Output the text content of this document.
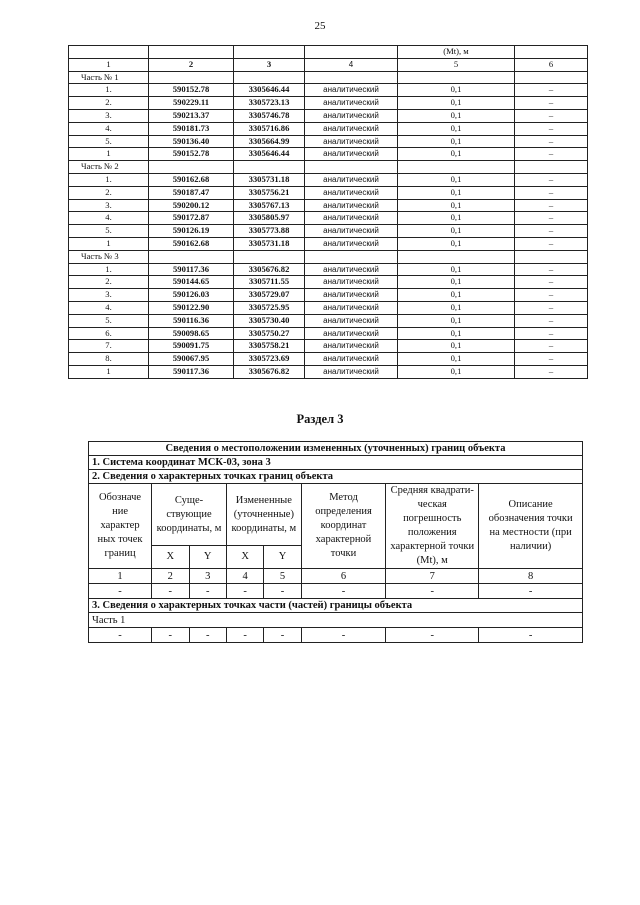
25
				(Mt), м	
1	2	3	4	5	6
Часть № 1					
1.	590152.78	3305646.44	аналитический	0,1	–
2.	590229.11	3305723.13	аналитический	0,1	–
3.	590213.37	3305746.78	аналитический	0,1	–
4.	590181.73	3305716.86	аналитический	0,1	–
5.	590136.40	3305664.99	аналитический	0,1	–
1	590152.78	3305646.44	аналитический	0,1	–
Часть № 2					
1.	590162.68	3305731.18	аналитический	0,1	–
2.	590187.47	3305756.21	аналитический	0,1	–
3.	590200.12	3305767.13	аналитический	0,1	–
4.	590172.87	3305805.97	аналитический	0,1	–
5.	590126.19	3305773.88	аналитический	0,1	–
1	590162.68	3305731.18	аналитический	0,1	–
Часть № 3					
1.	590117.36	3305676.82	аналитический	0,1	–
2.	590144.65	3305711.55	аналитический	0,1	–
3.	590126.03	3305729.07	аналитический	0,1	–
4.	590122.90	3305725.95	аналитический	0,1	–
5.	590116.36	3305730.40	аналитический	0,1	–
6.	590098.65	3305750.27	аналитический	0,1	–
7.	590091.75	3305758.21	аналитический	0,1	–
8.	590067.95	3305723.69	аналитический	0,1	–
1	590117.36	3305676.82	аналитический	0,1	–
Раздел 3
Сведения о местоположении измененных (уточненных) границ объекта							
1. Система координат МСК-03, зона 3							
2. Сведения о характерных точках границ объекта							
Обозначе ние характер ных точек границ	Суще- ствующие координаты, м		Измененные (уточненные) координаты, м		Метод определения координат характерной точки	Средняя квадрати- ческая погрешность положения характерной точки (Mt), м	Описание обозначения точки на местности (при наличии)
	X	Y	X	Y			
1	2	3	4	5	6	7	8
-	-	-	-	-	-	-	-
3. Сведения о характерных точках части (частей) границы объекта							
Часть 1							
-	-	-	-	-	-	-	-
